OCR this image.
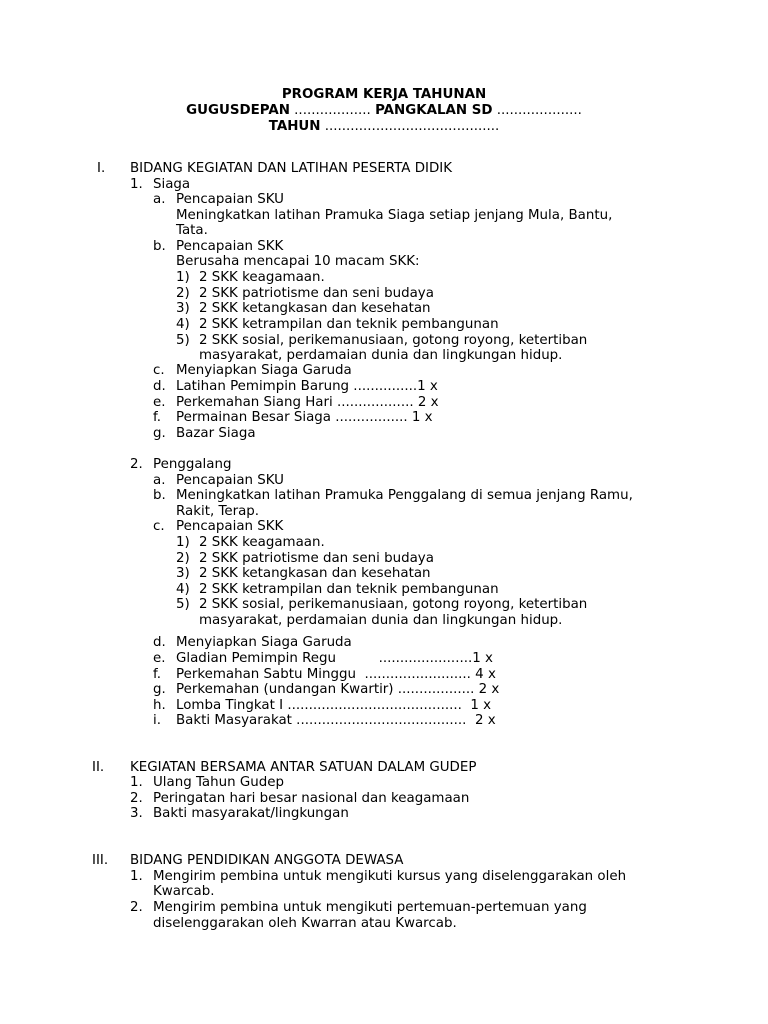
PROGRAM KERJA TAHUNAN
GUGUSDEPAN .................. PANGKALAN SD ....................
TAHUN .........................................
I. BIDANG KEGIATAN DAN LATIHAN PESERTA DIDIK
1. Siaga
a. Pencapaian SKU
Meningkatkan latihan Pramuka Siaga setiap jenjang Mula, Bantu,
Tata.
b. Pencapaian SKK
Berusaha mencapai 10 macam SKK:
1) 2 SKK keagamaan.
2) 2 SKK patriotisme dan seni budaya
3) 2 SKK ketangkasan dan kesehatan
4) 2 SKK ketrampilan dan teknik pembangunan
5) 2 SKK sosial, perikemanusiaan, gotong royong, ketertiban
masyarakat, perdamaian dunia dan lingkungan hidup.
c. Menyiapkan Siaga Garuda
d. Latihan Pemimpin Barung ...............1 x
e. Perkemahan Siang Hari .................. 2 x
f. Permainan Besar Siaga ................. 1 x
g. Bazar Siaga
2. Penggalang
a. Pencapaian SKU
b. Meningkatkan latihan Pramuka Penggalang di semua jenjang Ramu,
Rakit, Terap.
c. Pencapaian SKK
1) 2 SKK keagamaan.
2) 2 SKK patriotisme dan seni budaya
3) 2 SKK ketangkasan dan kesehatan
4) 2 SKK ketrampilan dan teknik pembangunan
5) 2 SKK sosial, perikemanusiaan, gotong royong, ketertiban
masyarakat, perdamaian dunia dan lingkungan hidup.
d. Menyiapkan Siaga Garuda
e. Gladian Pemimpin Regu          ......................1 x
f. Perkemahan Sabtu Minggu  ......................... 4 x
g. Perkemahan (undangan Kwartir) .................. 2 x
h. Lomba Tingkat I .........................................  1 x
i. Bakti Masyarakat ........................................  2 x
II. KEGIATAN BERSAMA ANTAR SATUAN DALAM GUDEP
1. Ulang Tahun Gudep
2. Peringatan hari besar nasional dan keagamaan
3. Bakti masyarakat/lingkungan
III. BIDANG PENDIDIKAN ANGGOTA DEWASA
1. Mengirim pembina untuk mengikuti kursus yang diselenggarakan oleh
Kwarcab.
2. Mengirim pembina untuk mengikuti pertemuan-pertemuan yang
diselenggarakan oleh Kwarran atau Kwarcab.
